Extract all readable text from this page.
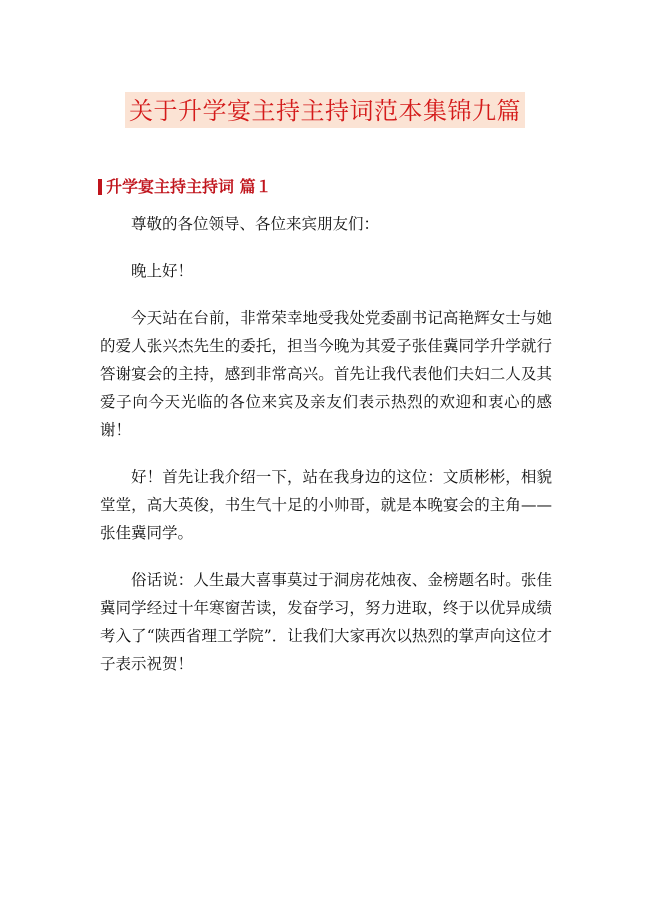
关于升学宴主持主持词范本集锦九篇
升学宴主持主持词 篇１

尊敬的各位领导、各位来宾朋友们：

晚上好！

今天站在台前，非常荣幸地受我处党委副书记高艳辉女士与她的爱人张兴杰先生的委托，担当今晚为其爱子张佳冀同学升学就行答谢宴会的主持，感到非常高兴。首先让我代表他们夫妇二人及其爱子向今天光临的各位来宾及亲友们表示热烈的欢迎和衷心的感谢！

好！首先让我介绍一下，站在我身边的这位：文质彬彬，相貌堂堂，高大英俊，书生气十足的小帅哥，就是本晚宴会的主角——张佳冀同学。

俗话说：人生最大喜事莫过于洞房花烛夜、金榜题名时。张佳冀同学经过十年寒窗苦读，发奋学习，努力进取，终于以优异成绩考入了“陕西省理工学院”．让我们大家再次以热烈的掌声向这位才子表示祝贺！
